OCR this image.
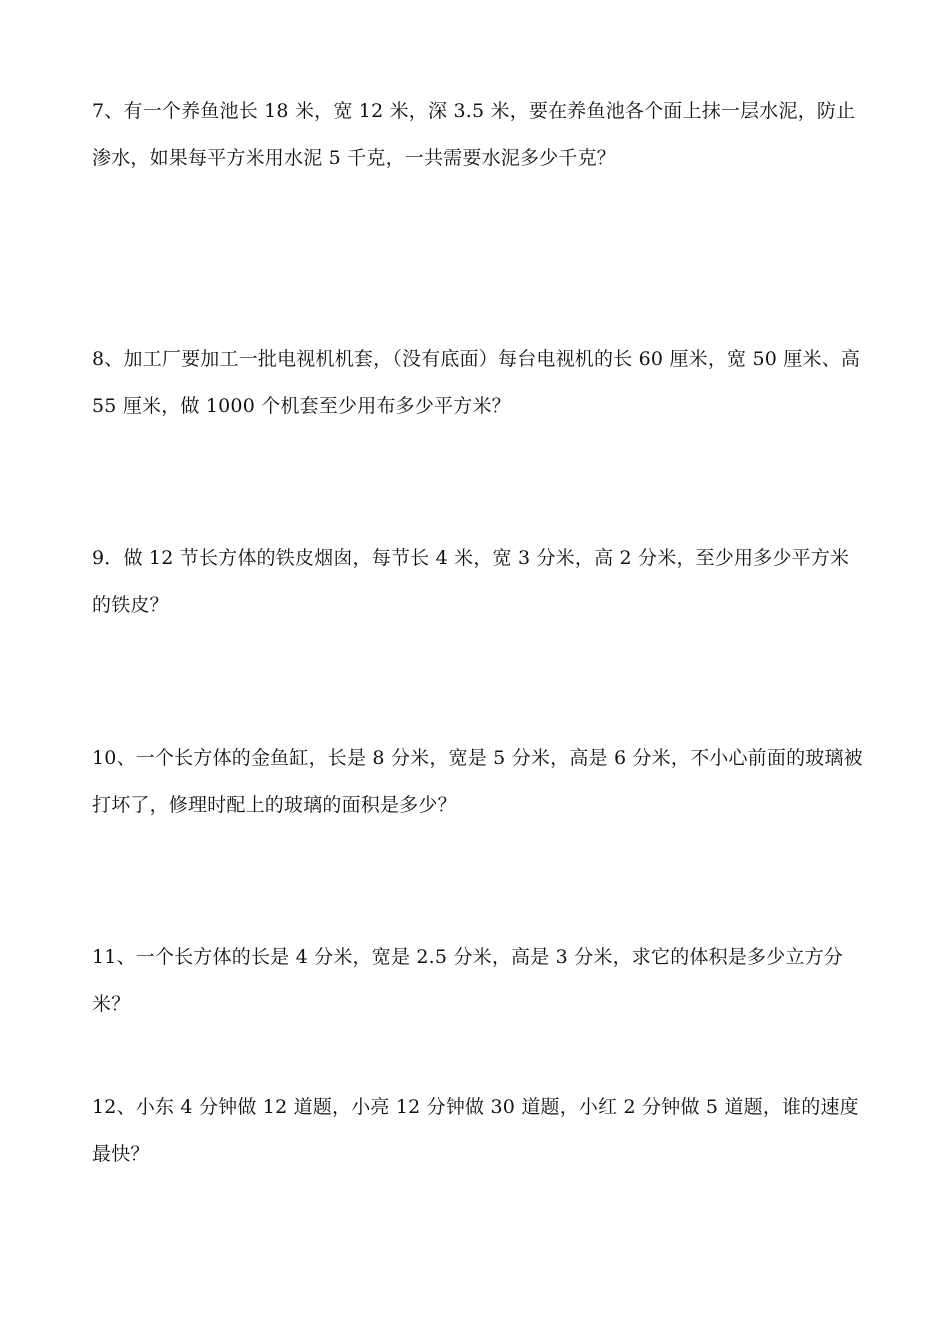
7、有一个养鱼池长 18 米，宽 12 米，深 3.5 米，要在养鱼池各个面上抹一层水泥，防止渗水，如果每平方米用水泥 5 千克，一共需要水泥多少千克？

8、加工厂要加工一批电视机机套，（没有底面）每台电视机的长 60 厘米，宽 50 厘米、高 55 厘米，做 1000 个机套至少用布多少平方米？

9．做 12 节长方体的铁皮烟囱，每节长 4 米，宽 3 分米，高 2 分米，至少用多少平方米的铁皮？

10、一个长方体的金鱼缸，长是 8 分米，宽是 5 分米，高是 6 分米，不小心前面的玻璃被打坏了，修理时配上的玻璃的面积是多少？

11、一个长方体的长是 4 分米，宽是 2.5 分米，高是 3 分米，求它的体积是多少立方分米？

12、小东 4 分钟做 12 道题，小亮 12 分钟做 30 道题，小红 2 分钟做 5 道题，谁的速度最快？
